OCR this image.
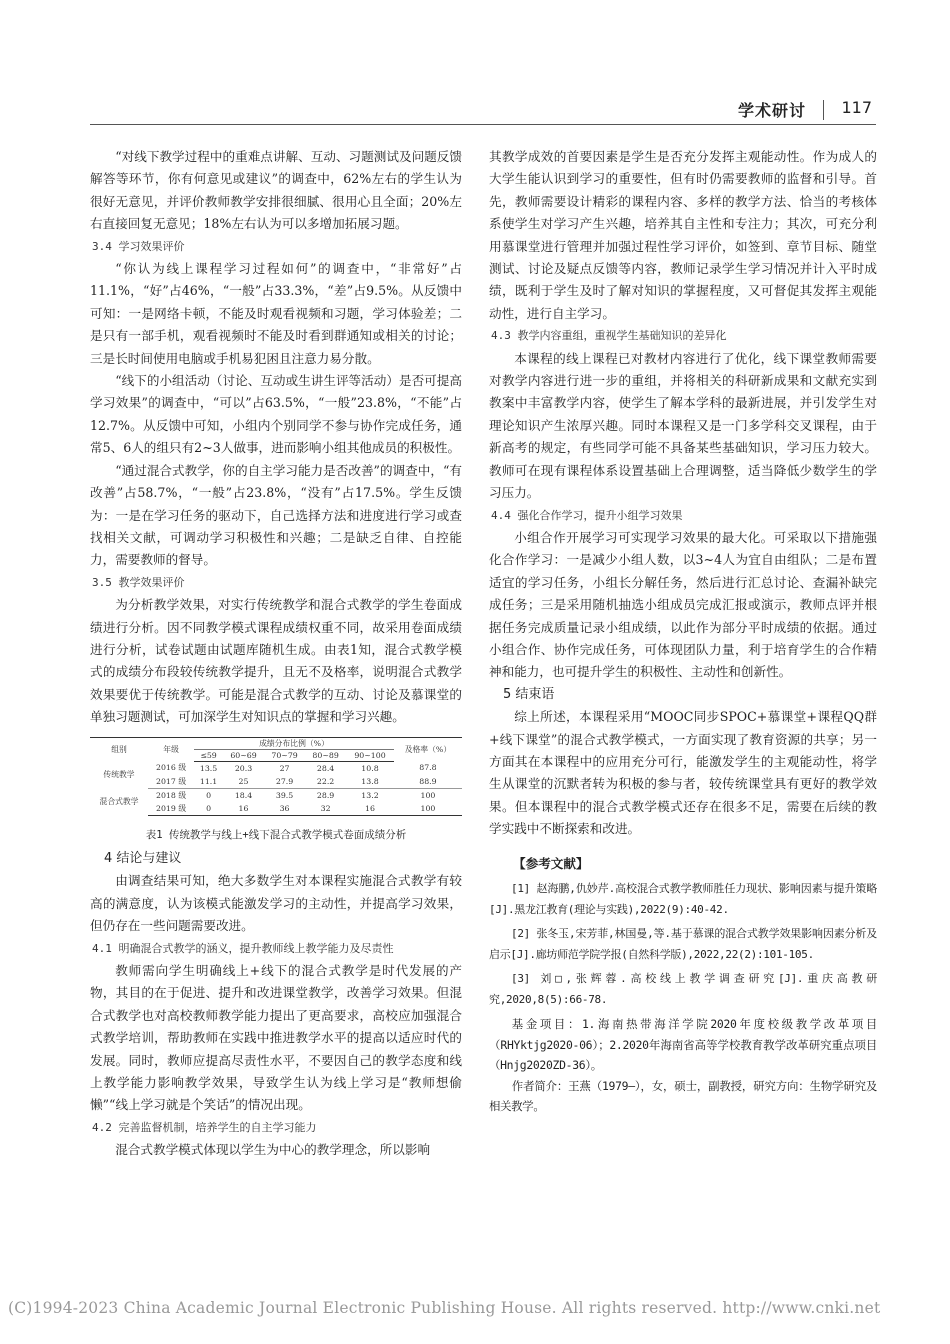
学术研讨 117

“对线下教学过程中的重难点讲解、互动、习题测试及问题反馈解答等环节，你有何意见或建议”的调查中，62%左右的学生认为很好无意见，并评价教师教学安排很细腻、很用心且全面；20%左右直接回复无意见；18%左右认为可以多增加拓展习题。

3.4 学习效果评价

“你认为线上课程学习过程如何”的调查中，“非常好”占11.1%，“好”占46%，“一般”占33.3%，“差”占9.5%。从反馈中可知：一是网络卡顿，不能及时观看视频和习题，学习体验差；二是只有一部手机，观看视频时不能及时看到群通知或相关的讨论；三是长时间使用电脑或手机易犯困且注意力易分散。

“线下的小组活动（讨论、互动或生讲生评等活动）是否可提高学习效果”的调查中，“可以”占63.5%，“一般”23.8%，“不能”占12.7%。从反馈中可知，小组内个别同学不参与协作完成任务，通常5、6人的组只有2~3人做事，进而影响小组其他成员的积极性。

“通过混合式教学，你的自主学习能力是否改善”的调查中，“有改善”占58.7%，“一般”占23.8%，“没有”占17.5%。学生反馈为：一是在学习任务的驱动下，自己选择方法和进度进行学习或查找相关文献，可调动学习积极性和兴趣；二是缺乏自律、自控能力，需要教师的督导。

3.5 教学效果评价

为分析教学效果，对实行传统教学和混合式教学的学生卷面成绩进行分析。因不同教学模式课程成绩权重不同，故采用卷面成绩进行分析，试卷试题由试题库随机生成。由表1知，混合式教学模式的成绩分布段较传统教学提升，且无不及格率，说明混合式教学效果要优于传统教学。可能是混合式教学的互动、讨论及慕课堂的单独习题测试，可加深学生对知识点的掌握和学习兴趣。

组别	年级	成绩分布比例（%）					及格率（%）
		≤59	60~69	70~79	80~89	90~100	
传统教学	2016 级	13.5	20.3	27	28.4	10.8	87.8
	2017 级	11.1	25	27.9	22.2	13.8	88.9
混合式教学	2018 级	0	18.4	39.5	28.9	13.2	100
	2019 级	0	16	36	32	16	100

表1 传统教学与线上+线下混合式教学模式卷面成绩分析

4 结论与建议

由调查结果可知，绝大多数学生对本课程实施混合式教学有较高的满意度，认为该模式能激发学习的主动性，并提高学习效果，但仍存在一些问题需要改进。

4.1 明确混合式教学的涵义，提升教师线上教学能力及尽责性

教师需向学生明确线上+线下的混合式教学是时代发展的产物，其目的在于促进、提升和改进课堂教学，改善学习效果。但混合式教学也对高校教师教学能力提出了更高要求，高校应加强混合式教学培训，帮助教师在实践中推进教学水平的提高以适应时代的发展。同时，教师应提高尽责性水平，不要因自己的教学态度和线上教学能力影响教学效果，导致学生认为线上学习是“教师想偷懒”“线上学习就是个笑话”的情况出现。

4.2 完善监督机制，培养学生的自主学习能力

混合式教学模式体现以学生为中心的教学理念，所以影响

其教学成效的首要因素是学生是否充分发挥主观能动性。作为成人的大学生能认识到学习的重要性，但有时仍需要教师的监督和引导。首先，教师需要设计精彩的课程内容、多样的教学方法、恰当的考核体系使学生对学习产生兴趣，培养其自主性和专注力；其次，可充分利用慕课堂进行管理并加强过程性学习评价，如签到、章节目标、随堂测试、讨论及疑点反馈等内容，教师记录学生学习情况并计入平时成绩，既利于学生及时了解对知识的掌握程度，又可督促其发挥主观能动性，进行自主学习。

4.3 教学内容重组，重视学生基础知识的差异化

本课程的线上课程已对教材内容进行了优化，线下课堂教师需要对教学内容进行进一步的重组，并将相关的科研新成果和文献充实到教案中丰富教学内容，使学生了解本学科的最新进展，并引发学生对理论知识产生浓厚兴趣。同时本课程又是一门多学科交叉课程，由于新高考的规定，有些同学可能不具备某些基础知识，学习压力较大。教师可在现有课程体系设置基础上合理调整，适当降低少数学生的学习压力。

4.4 强化合作学习，提升小组学习效果

小组合作开展学习可实现学习效果的最大化。可采取以下措施强化合作学习：一是减少小组人数，以3~4人为宜自由组队；二是布置适宜的学习任务，小组长分解任务，然后进行汇总讨论、查漏补缺完成任务；三是采用随机抽选小组成员完成汇报或演示，教师点评并根据任务完成质量记录小组成绩，以此作为部分平时成绩的依据。通过小组合作、协作完成任务，可体现团队力量，利于培育学生的合作精神和能力，也可提升学生的积极性、主动性和创新性。

5 结束语

综上所述，本课程采用“MOOC同步SPOC+慕课堂+课程QQ群+线下课堂”的混合式教学模式，一方面实现了教育资源的共享；另一方面其在本课程中的应用充分可行，能激发学生的主观能动性，将学生从课堂的沉默者转为积极的参与者，较传统课堂具有更好的教学效果。但本课程中的混合式教学模式还存在很多不足，需要在后续的教学实践中不断探索和改进。

【参考文献】

[1] 赵海鹏,仇妙芹.高校混合式教学教师胜任力现状、影响因素与提升策略[J].黑龙江教育(理论与实践),2022(9):40-42.

[2] 张冬玉,宋芳菲,林国曼,等.基于慕课的混合式教学效果影响因素分析及启示[J].廊坊师范学院学报(自然科学版),2022,22(2):101-105.

[3] 刘□,张辉蓉.高校线上教学调查研究[J].重庆高教研究,2020,8(5):66-78.

基金项目：1.海南热带海洋学院2020年度校级教学改革项目（RHYktjg2020-06）；2.2020年海南省高等学校教育教学改革研究重点项目（Hnjg2020ZD-36）。

作者简介：王燕（1979—），女，硕士，副教授，研究方向：生物学研究及相关教学。

(C)1994-2023 China Academic Journal Electronic Publishing House. All rights reserved. http://www.cnki.net
